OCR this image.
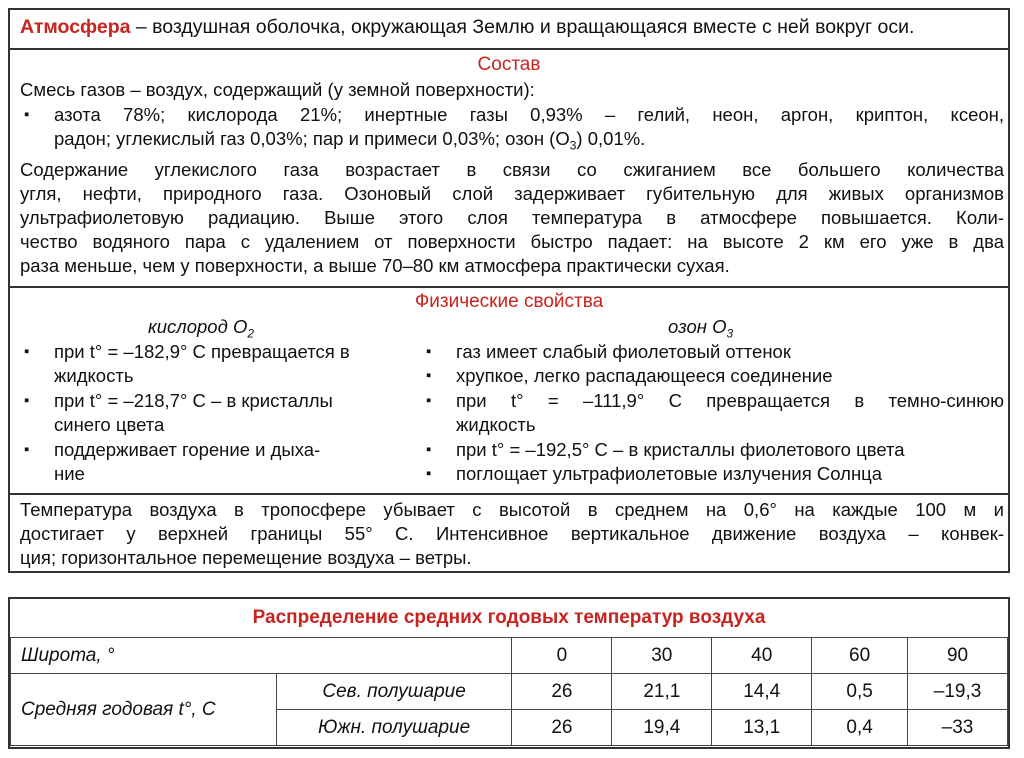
Атмосфера – воздушная оболочка, окружающая Землю и вращающаяся вместе с ней вокруг оси.
Состав
Смесь газов – воздух, содержащий (у земной поверхности):
▪ азота 78%; кислорода 21%; инертные газы 0,93% – гелий, неон, аргон, криптон, ксеон,
радон; углекислый газ 0,03%; пар и примеси 0,03%; озон $(О_3)$ 0,01%.
Содержание углекислого газа возрастает в связи со сжиганием все большего количества
угля, нефти, природного газа. Озоновый слой задерживает губительную для живых организмов
ультрафиолетовую радиацию. Выше этого слоя температура в атмосфере повышается. Коли-
чество водяного пара с удалением от поверхности быстро падает: на высоте 2 км его уже в два
раза меньше, чем у поверхности, а выше 70–80 км атмосфера практически сухая.
Физические свойства
кислород $O_2$	озон $O_3$
▪ при t° = –182,9° С превращается в
жидкость
▪ при t° = –218,7° С – в кристаллы
синего цвета
▪ поддерживает горение и дыха-
ние
▪ газ имеет слабый фиолетовый оттенок
▪ хрупкое, легко распадающееся соединение
▪ при t° = –111,9° С превращается в темно-синюю
жидкость
▪ при t° = –192,5° С – в кристаллы фиолетового цвета
▪ поглощает ультрафиолетовые излучения Солнца
Температура воздуха в тропосфере убывает с высотой в среднем на 0,6° на каждые 100 м и
достигает у верхней границы 55° С. Интенсивное вертикальное движение воздуха – конвек-
ция; горизонтальное перемещение воздуха – ветры.
Распределение средних годовых температур воздуха
Широта, °		0	30	40	60	90
Средняя годовая t°, С	Сев. полушарие	26	21,1	14,4	0,5	–19,3
	Южн. полушарие	26	19,4	13,1	0,4	–33
